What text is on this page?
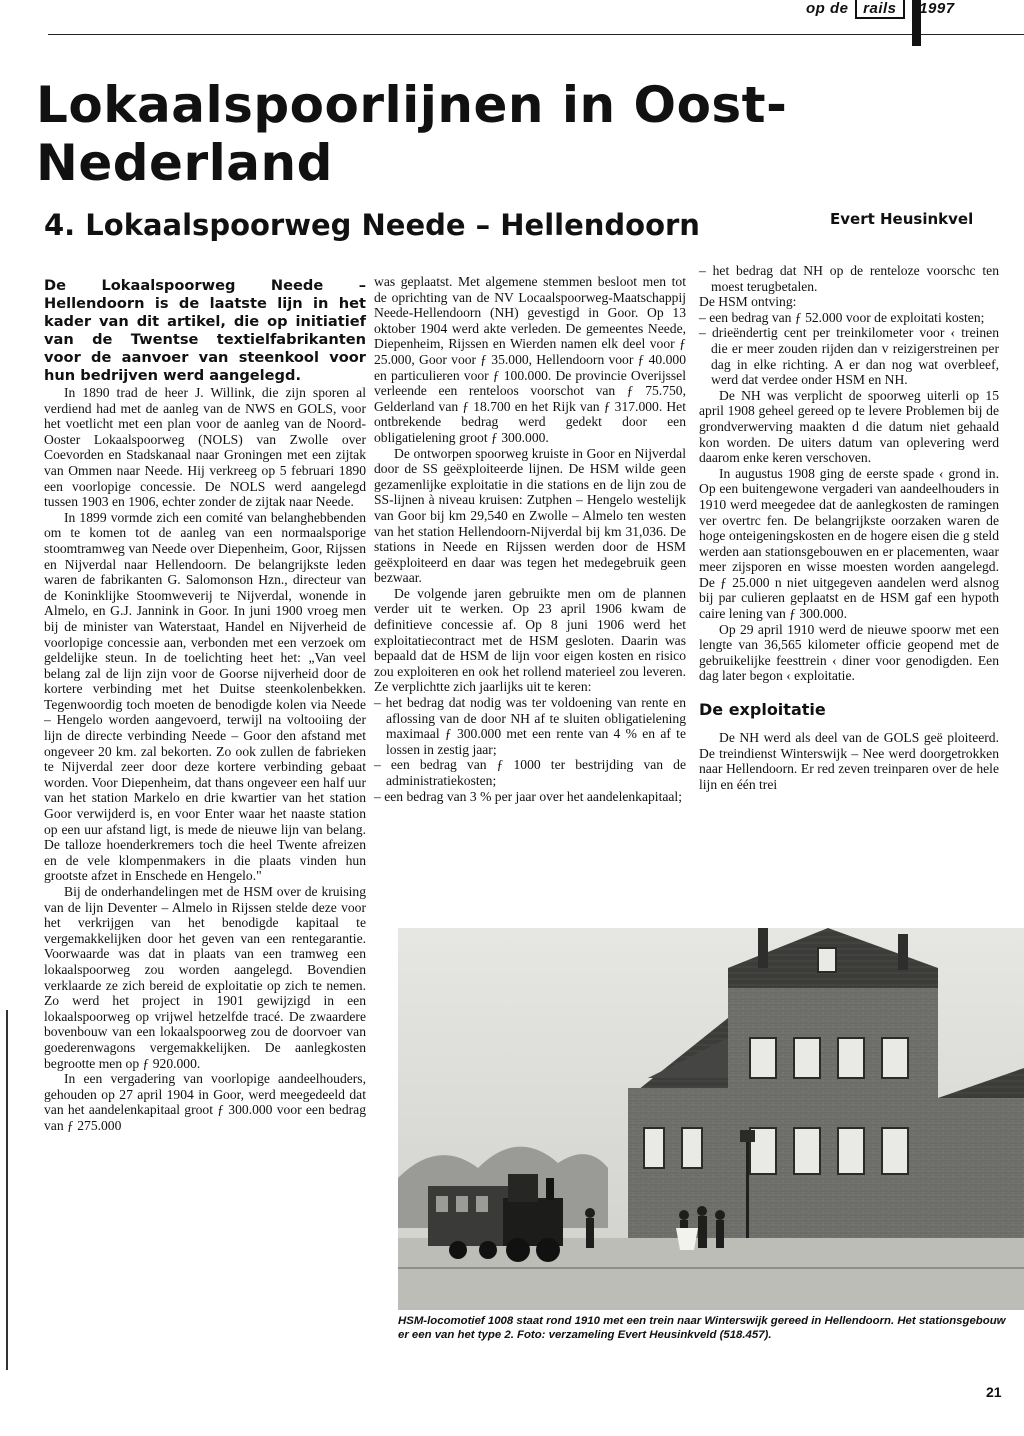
op de rails 1997
Lokaalspoorlijnen in Oost-Nederland
4. Lokaalspoorweg Neede – Hellendoorn	Evert Heusinkvel

De Lokaalspoorweg Neede – Hellendoorn is de laatste lijn in het kader van dit artikel, die op initiatief van de Twentse textielfabrikanten voor de aanvoer van steenkool voor hun bedrijven werd aangelegd.

In 1890 trad de heer J. Willink, die zijn sporen al verdiend had met de aanleg van de NWS en GOLS, voor het voetlicht met een plan voor de aanleg van de Noord-Ooster Lokaalspoorweg (NOLS) van Zwolle over Coevorden en Stadskanaal naar Groningen met een zijtak van Ommen naar Neede. Hij verkreeg op 5 februari 1890 een voorlopige concessie. De NOLS werd aangelegd tussen 1903 en 1906, echter zonder de zijtak naar Neede.

In 1899 vormde zich een comité van belanghebbenden om te komen tot de aanleg van een normaalsporige stoomtramweg van Neede over Diepenheim, Goor, Rijssen en Nijverdal naar Hellendoorn. De belangrijkste leden waren de fabrikanten G. Salomonson Hzn., directeur van de Koninklijke Stoomweverij te Nijverdal, wonende in Almelo, en G.J. Jannink in Goor. In juni 1900 vroeg men bij de minister van Waterstaat, Handel en Nijverheid de voorlopige concessie aan, verbonden met een verzoek om geldelijke steun. In de toelichting heet het: „Van veel belang zal de lijn zijn voor de Goorse nijverheid door de kortere verbinding met het Duitse steenkolenbekken. Tegenwoordig toch moeten de benodigde kolen via Neede – Hengelo worden aangevoerd, terwijl na voltooiing der lijn de directe verbinding Neede – Goor den afstand met ongeveer 20 km. zal bekorten. Zo ook zullen de fabrieken te Nijverdal zeer door deze kortere verbinding gebaat worden. Voor Diepenheim, dat thans ongeveer een half uur van het station Markelo en drie kwartier van het station Goor verwijderd is, en voor Enter waar het naaste station op een uur afstand ligt, is mede de nieuwe lijn van belang. De talloze hoenderkremers toch die heel Twente afreizen en de vele klompenmakers in die plaats vinden hun grootste afzet in Enschede en Hengelo."

Bij de onderhandelingen met de HSM over de kruising van de lijn Deventer – Almelo in Rijssen stelde deze voor het verkrijgen van het benodigde kapitaal te vergemakkelijken door het geven van een rentegarantie. Voorwaarde was dat in plaats van een tramweg een lokaalspoorweg zou worden aangelegd. Bovendien verklaarde ze zich bereid de exploitatie op zich te nemen. Zo werd het project in 1901 gewijzigd in een lokaalspoorweg op vrijwel hetzelfde tracé. De zwaardere bovenbouw van een lokaalspoorweg zou de doorvoer van goederenwagons vergemakkelijken. De aanlegkosten begrootte men op ƒ 920.000.

In een vergadering van voorlopige aandeelhouders, gehouden op 27 april 1904 in Goor, werd meegedeeld dat van het aandelenkapitaal groot ƒ 300.000 voor een bedrag van ƒ 275.000

was geplaatst. Met algemene stemmen besloot men tot de oprichting van de NV Locaalspoorweg-Maatschappij Neede-Hellendoorn (NH) gevestigd in Goor. Op 13 oktober 1904 werd akte verleden. De gemeentes Neede, Diepenheim, Rijssen en Wierden namen elk deel voor ƒ 25.000, Goor voor ƒ 35.000, Hellendoorn voor ƒ 40.000 en particulieren voor ƒ 100.000. De provincie Overijssel verleende een renteloos voorschot van ƒ 75.750, Gelderland van ƒ 18.700 en het Rijk van ƒ 317.000. Het ontbrekende bedrag werd gedekt door een obligatielening groot ƒ 300.000.

De ontworpen spoorweg kruiste in Goor en Nijverdal door de SS geëxploiteerde lijnen. De HSM wilde geen gezamenlijke exploitatie in die stations en de lijn zou de SS-lijnen à niveau kruisen: Zutphen – Hengelo westelijk van Goor bij km 29,540 en Zwolle – Almelo ten westen van het station Hellendoorn-Nijverdal bij km 31,036. De stations in Neede en Rijssen werden door de HSM geëxploiteerd en daar was tegen het medegebruik geen bezwaar.

De volgende jaren gebruikte men om de plannen verder uit te werken. Op 23 april 1906 kwam de definitieve concessie af. Op 8 juni 1906 werd het exploitatiecontract met de HSM gesloten. Daarin was bepaald dat de HSM de lijn voor eigen kosten en risico zou exploiteren en ook het rollend materieel zou leveren. Ze verplichtte zich jaarlijks uit te keren:

– het bedrag dat nodig was ter voldoening van rente en aflossing van de door NH af te sluiten obligatielening maximaal ƒ 300.000 met een rente van 4 % en af te lossen in zestig jaar;
– een bedrag van ƒ 1000 ter bestrijding van de administratiekosten;
– een bedrag van 3 % per jaar over het aandelenkapitaal;
– het bedrag dat NH op de renteloze voorschc ten moest terugbetalen.

De HSM ontving:

– een bedrag van ƒ 52.000 voor de exploitati kosten;
– drieëndertig cent per treinkilometer voor ‹ treinen die er meer zouden rijden dan v reizigerstreinen per dag in elke richting. A er dan nog wat overbleef, werd dat verdee onder HSM en NH.

De NH was verplicht de spoorweg uiterli op 15 april 1908 geheel gereed op te levere Problemen bij de grondverwerving maakten d die datum niet gehaald kon worden. De uiters datum van oplevering werd daarom enke keren verschoven.

In augustus 1908 ging de eerste spade ‹ grond in. Op een buitengewone vergaderi van aandeelhouders in 1910 werd meegedee dat de aanlegkosten de ramingen ver overtrc fen. De belangrijkste oorzaken waren de hoge onteigeningskosten en de hogere eisen die g steld werden aan stationsgebouwen en er placementen, waar meer zijsporen en wisse moesten worden aangelegd. De ƒ 25.000 n niet uitgegeven aandelen werd alsnog bij par culieren geplaatst en de HSM gaf een hypoth caire lening van ƒ 300.000.

Op 29 april 1910 werd de nieuwe spoorw met een lengte van 36,565 kilometer officie geopend met de gebruikelijke feesttrein ‹ diner voor genodigden. Een dag later begon ‹ exploitatie.

De exploitatie

De NH werd als deel van de GOLS geë ploiteerd. De treindienst Winterswijk – Nee werd doorgetrokken naar Hellendoorn. Er red zeven treinparen over de hele lijn en één trei

HSM-locomotief 1008 staat rond 1910 met een trein naar Winterswijk gereed in Hellendoorn. Het stationsgebouw
er een van het type 2. Foto: verzameling Evert Heusinkveld (518.457).
21
